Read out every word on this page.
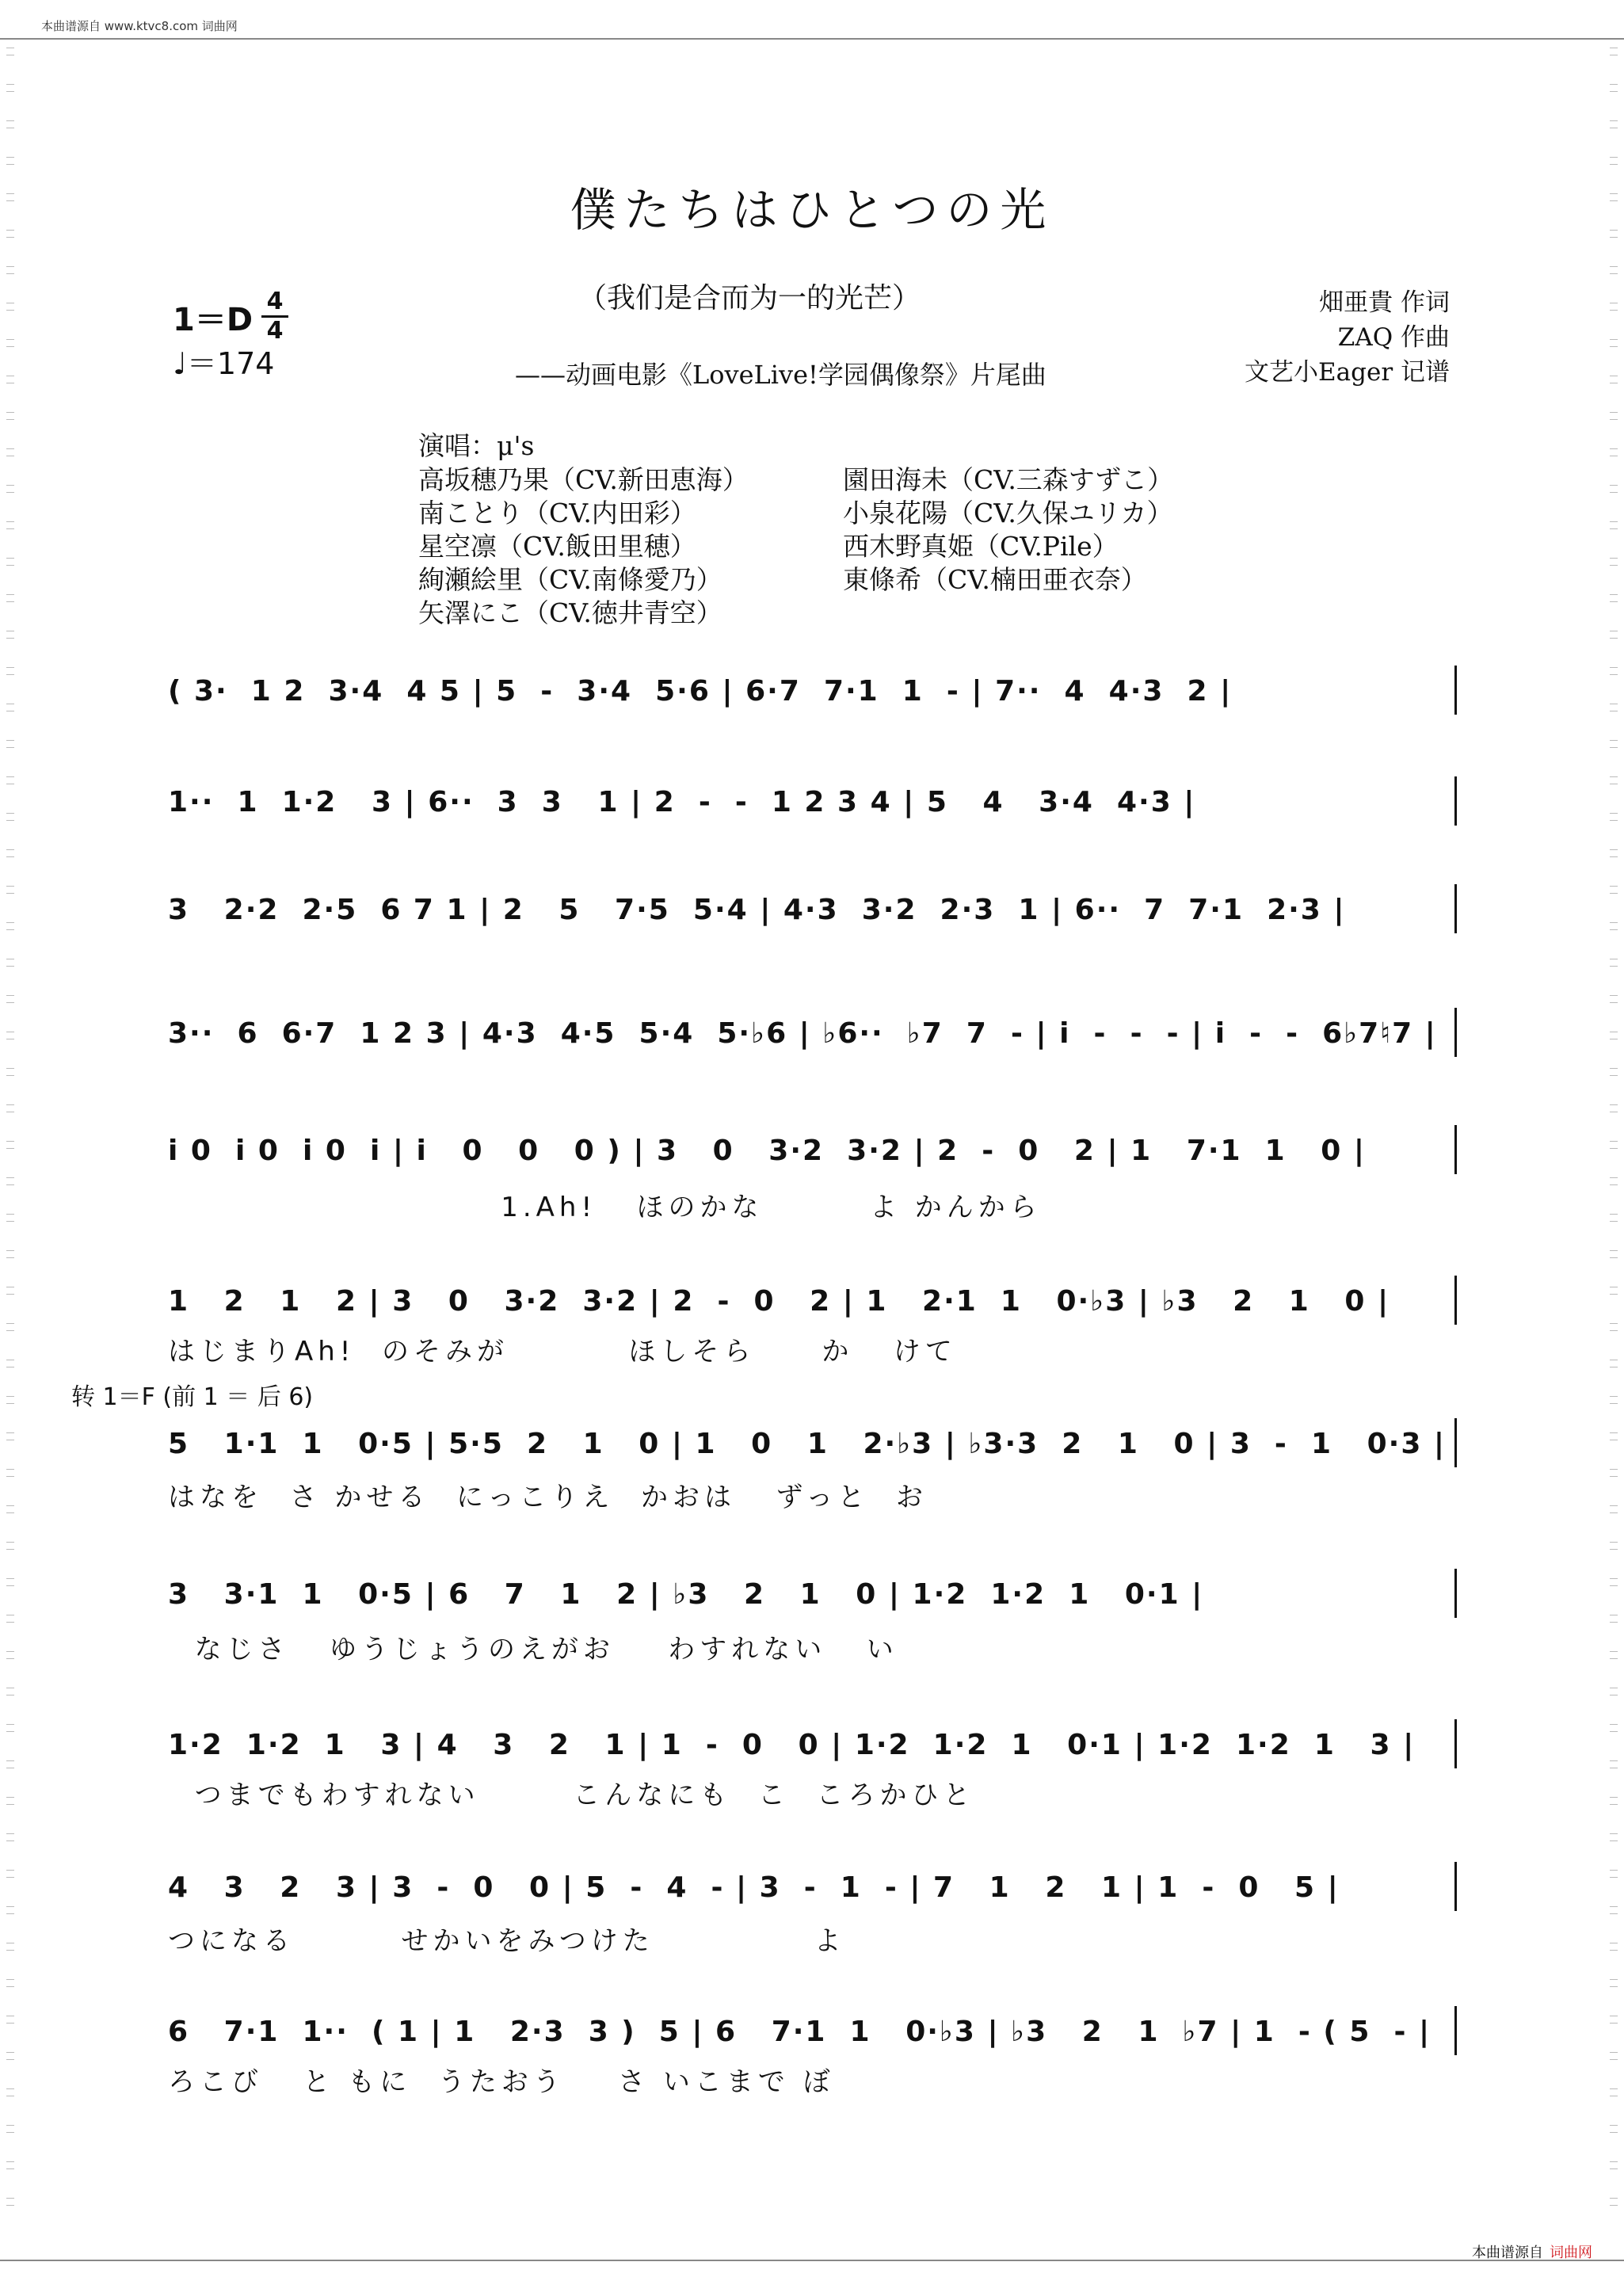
本曲谱源自 www.ktvc8.com 词曲网
僕たちはひとつの光
（我们是合而为一的光芒）
——动画电影《LoveLive!学园偶像祭》片尾曲
畑亜貴 作词
ZAQ 作曲
文艺小Eager 记谱
1＝D
4
4
♩＝174
演唱：μ's
高坂穗乃果（CV.新田恵海）	園田海未（CV.三森すずこ）
南ことり（CV.内田彩）	小泉花陽（CV.久保ユリカ）
星空凛（CV.飯田里穂）	西木野真姫（CV.Pile）
絢瀬絵里（CV.南條愛乃）	東條希（CV.楠田亜衣奈）
矢澤にこ（CV.徳井青空）
( 3·  1 2  3·4  4 5 | 5  -  3·4  5·6 | 6·7  7·1  1  - | 7··  4  4·3  2 |
1··  1  1·2   3 | 6··  3  3   1 | 2  -  -  1 2 3 4 | 5   4   3·4  4·3 |
3   2·2  2·5  6 7 1 | 2   5   7·5  5·4 | 4·3  3·2  2·3  1 | 6··  7  7·1  2·3 |
3··  6  6·7  1 2 3 | 4·3  4·5  5·4  5·♭6 | ♭6··  ♭7  7  - | i  -  -  - | i  -  -  6♭7♮7 |
i 0  i 0  i 0  i | i   0   0   0 ) | 3   0   3·2  3·2 | 2  -  0   2 | 1   7·1  1   0 |
1.Ah!   ほのかな        よ かんから
1   2   1   2 | 3   0   3·2  3·2 | 2  -  0   2 | 1   2·1  1   0·♭3 | ♭3   2   1   0 |
はじまりAh!  のそみが         ほしそら     か   けて
转 1＝F (前 1 ＝ 后 6)
5   1·1  1   0·5 | 5·5  2   1   0 | 1   0   1   2·♭3 | ♭3·3  2   1   0 | 3  -  1   0·3 |
はなを  さ かせる  にっこりえ  かおは   ずっと  お
3   3·1  1   0·5 | 6   7   1   2 | ♭3   2   1   0 | 1·2  1·2  1   0·1 |
なじさ   ゆうじょうのえがお    わすれない   い
1·2  1·2  1   3 | 4   3   2   1 | 1  -  0   0 | 1·2  1·2  1   0·1 | 1·2  1·2  1   3 |
つまでもわすれない       こんなにも  こ  ころかひと
4   3   2   3 | 3  -  0   0 | 5  -  4  - | 3  -  1  - | 7   1   2   1 | 1  -  0   5 |
つになる        せかいをみつけた            よ
6   7·1  1··  ( 1 | 1   2·3  3 )  5 | 6   7·1  1   0·♭3 | ♭3   2   1  ♭7 | 1  - ( 5  - |
ろこび   と もに  うたおう    さ いこまで ぼ
本曲谱源自 词曲网
